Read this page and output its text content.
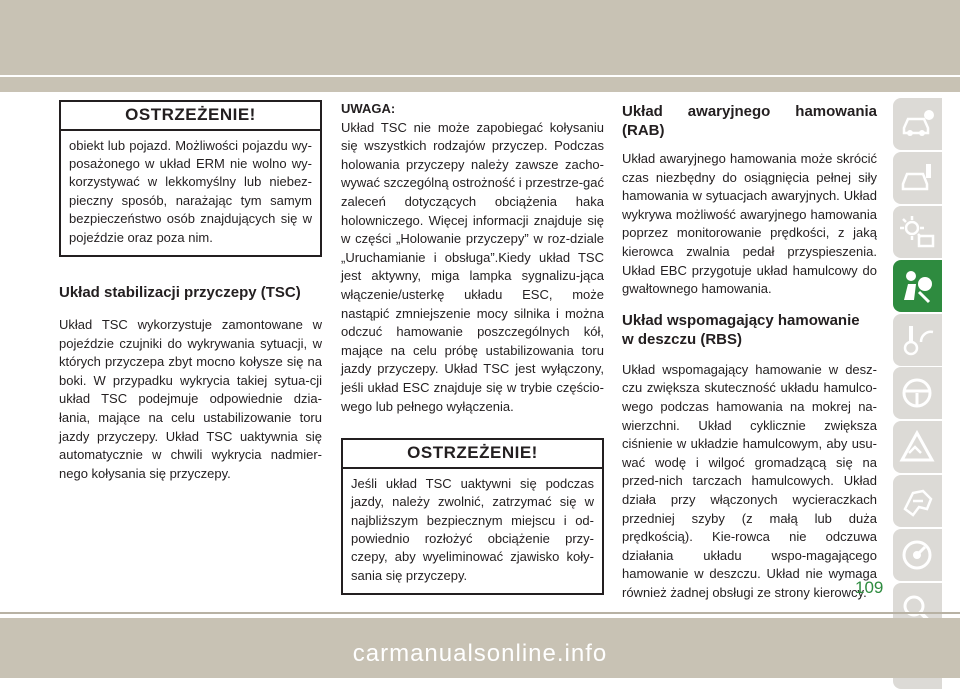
OSTRZEŻENIE!

obiekt lub pojazd. Możliwości pojazdu wy-posażonego w układ ERM nie wolno wy-korzystywać w lekkomyślny lub niebez-pieczny sposób, narażając tym samym bezpieczeństwo osób znajdujących się w pojeździe oraz poza nim.

Układ stabilizacji przyczepy (TSC)

Układ TSC wykorzystuje zamontowane w pojeździe czujniki do wykrywania sytuacji, w których przyczepa zbyt mocno kołysze się na boki. W przypadku wykrycia takiej sytua-cji układ TSC podejmuje odpowiednie dzia-łania, mające na celu ustabilizowanie toru jazdy przyczepy. Układ TSC uaktywnia się automatycznie w chwili wykrycia nadmier-nego kołysania się przyczepy.

UWAGA:

Układ TSC nie może zapobiegać kołysaniu się wszystkich rodzajów przyczep. Podczas holowania przyczepy należy zawsze zacho-wywać szczególną ostrożność i przestrze-gać zaleceń dotyczących obciążenia haka holowniczego. Więcej informacji znajduje się w części „Holowanie przyczepy” w roz-dziale „Uruchamianie i obsługa”.Kiedy układ TSC jest aktywny, miga lampka sygnalizu-jąca włączenie/usterkę układu ESC, może nastąpić zmniejszenie mocy silnika i można odczuć hamowanie poszczególnych kół, mające na celu próbę ustabilizowania toru jazdy przyczepy. Układ TSC jest wyłączony, jeśli układ ESC znajduje się w trybie częścio-wego lub pełnego wyłączenia.

OSTRZEŻENIE!

Jeśli układ TSC uaktywni się podczas jazdy, należy zwolnić, zatrzymać się w najbliższym bezpiecznym miejscu i od-powiednio rozłożyć obciążenie przy-czepy, aby wyeliminować zjawisko koły-sania się przyczepy.

Układ awaryjnego hamowania (RAB)

Układ awaryjnego hamowania może skrócić czas niezbędny do osiągnięcia pełnej siły hamowania w sytuacjach awaryjnych. Układ wykrywa możliwość awaryjnego hamowania poprzez monitorowanie prędkości, z jaką kierowca zwalnia pedał przyspieszenia. Układ EBC przygotuje układ hamulcowy do gwałtownego hamowania.

Układ wspomagający hamowanie
w deszczu (RBS)

Układ wspomagający hamowanie w desz-czu zwiększa skuteczność układu hamulco-wego podczas hamowania na mokrej na-wierzchni. Układ cyklicznie zwiększa ciśnienie w układzie hamulcowym, aby usu-wać wodę i wilgoć gromadzącą się na przed-nich tarczach hamulcowych. Układ działa przy włączonych wycieraczkach przedniej szyby (z małą lub duża prędkością). Kie-rowca nie odczuwa działania układu wspo-magającego hamowanie w deszczu. Układ nie wymaga również żadnej obsługi ze strony kierowcy.

109
carmanualsonline.info
